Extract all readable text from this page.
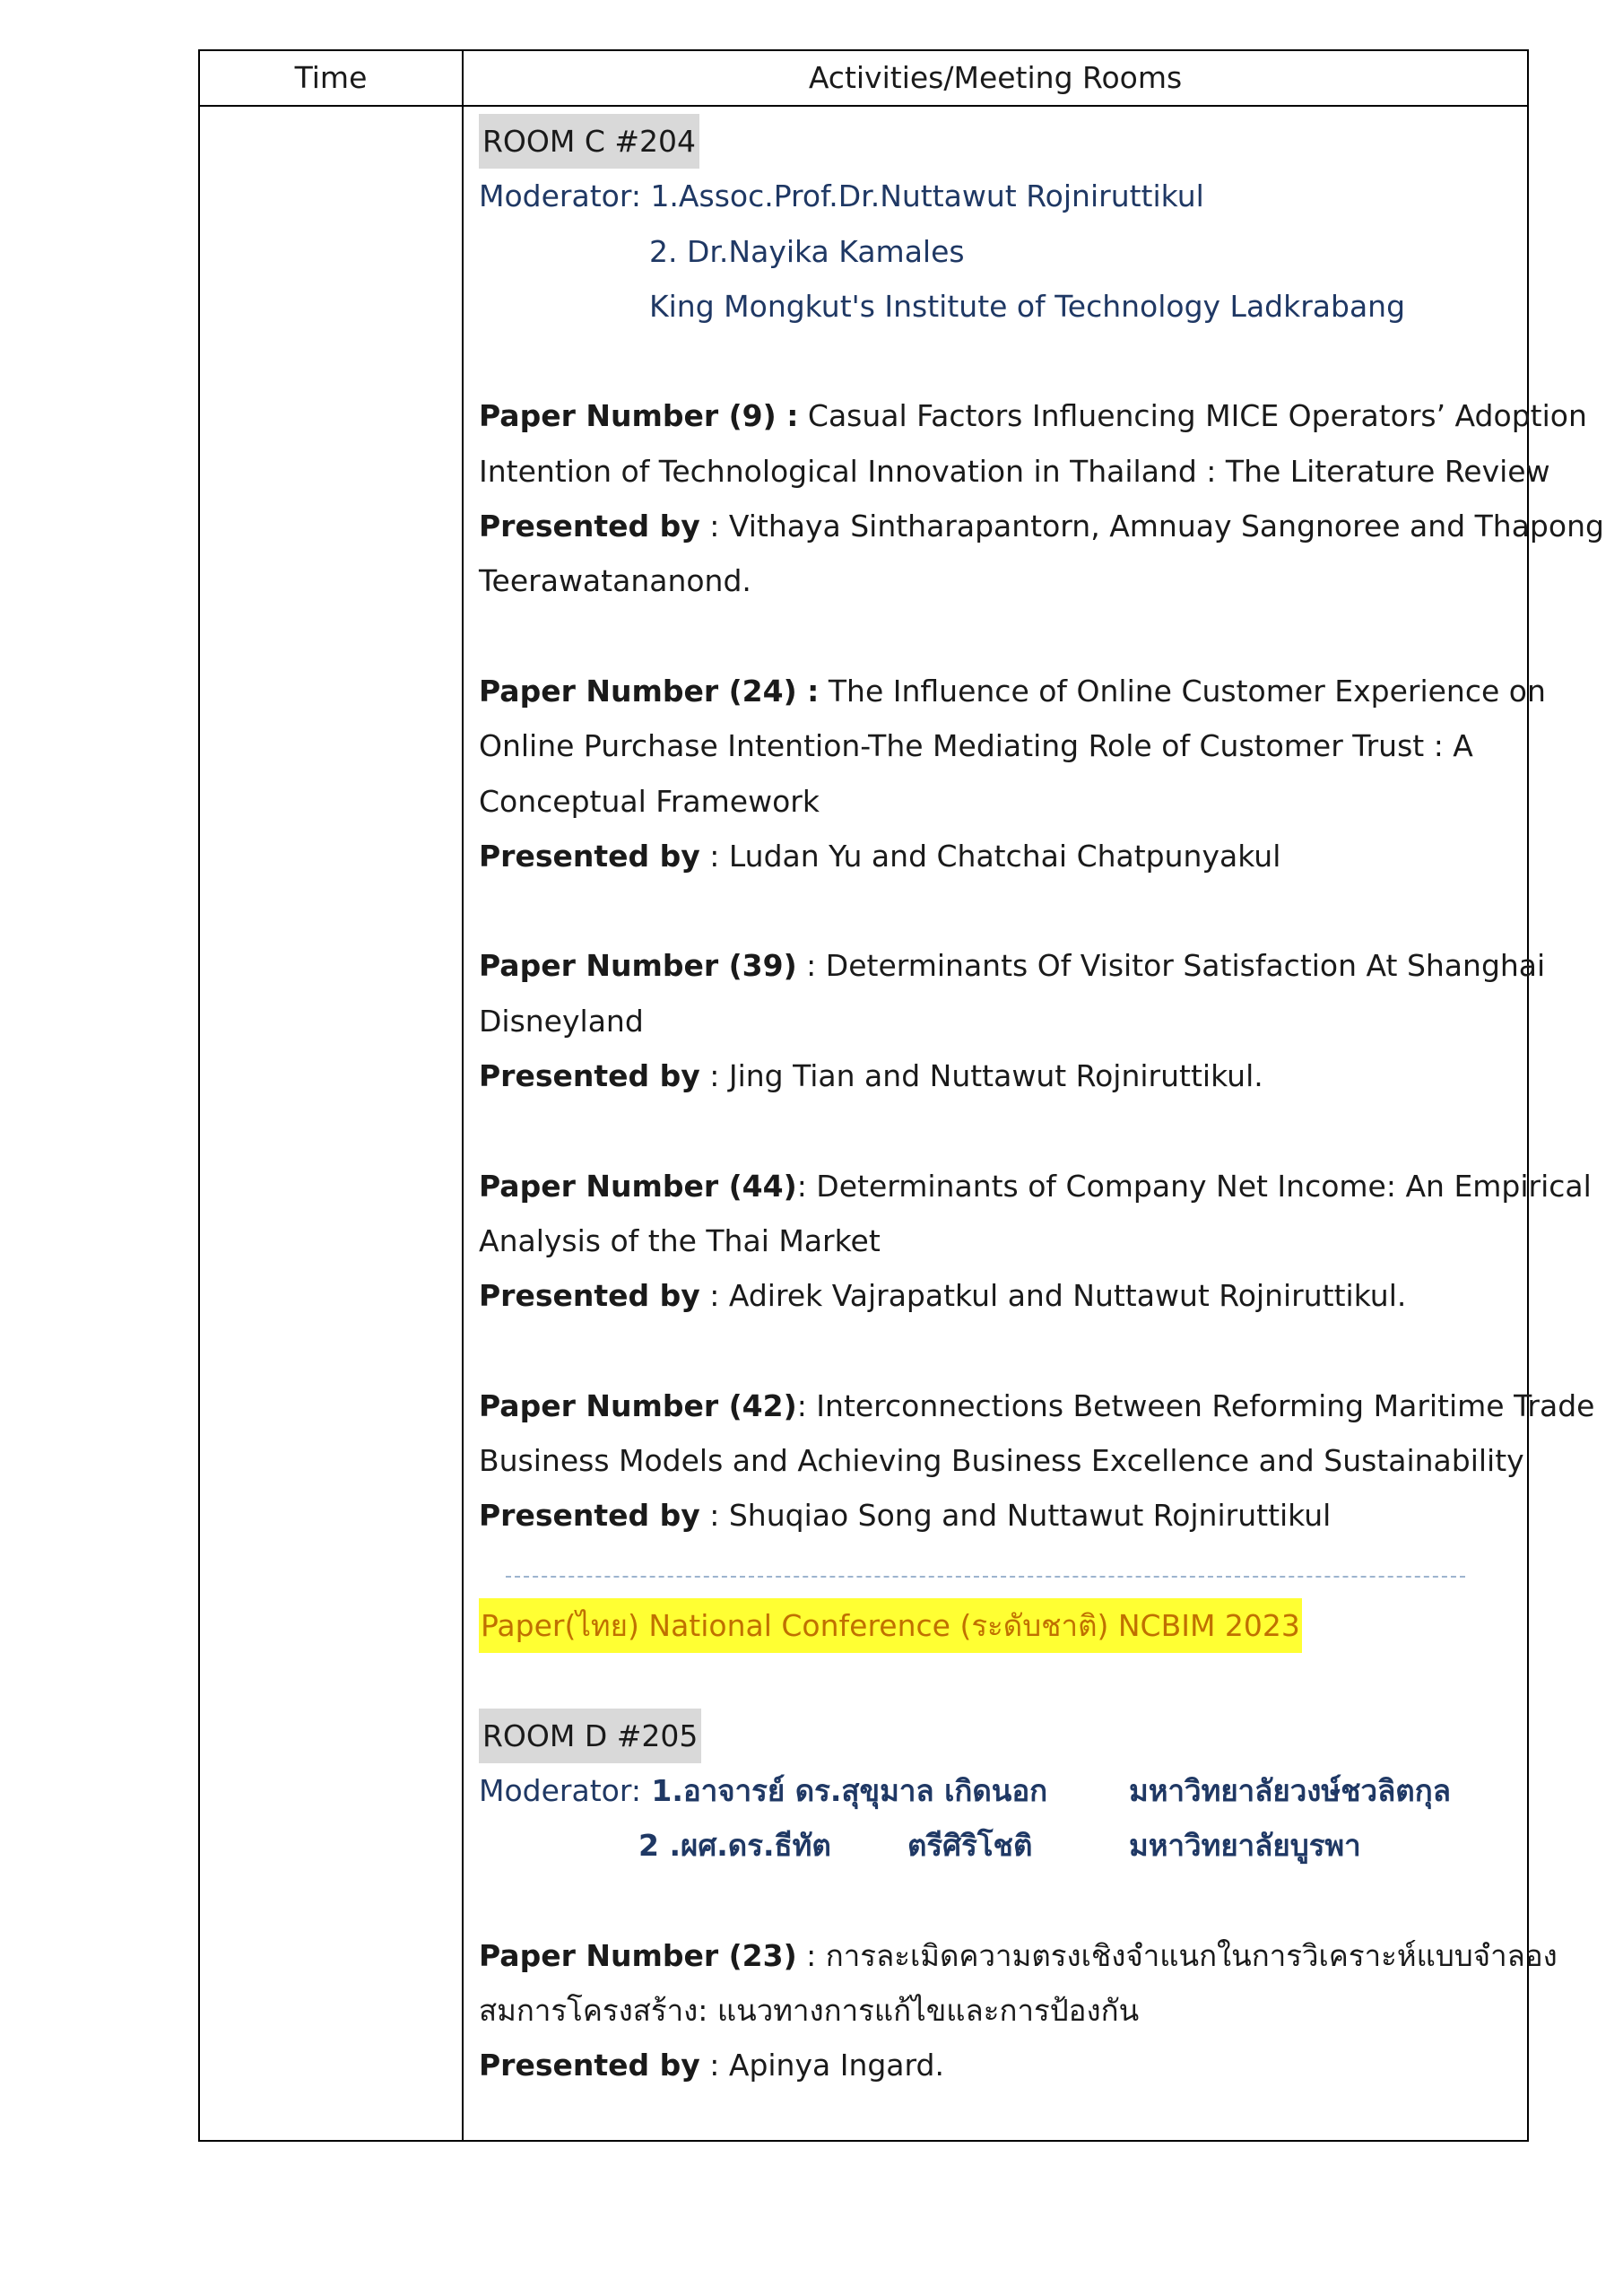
Time	Activities/Meeting Rooms
ROOM C #204
Moderator: 1.Assoc.Prof.Dr.Nuttawut Rojniruttikul
2. Dr.Nayika Kamales
King Mongkut's Institute of Technology Ladkrabang
Paper Number (9) : Casual Factors Influencing MICE Operators’ Adoption
Intention of Technological Innovation in Thailand : The Literature Review
Presented by : Vithaya Sintharapantorn, Amnuay Sangnoree and Thapong
Teerawatananond.
Paper Number (24) : The Influence of Online Customer Experience on
Online Purchase Intention-The Mediating Role of Customer Trust : A
Conceptual Framework
Presented by : Ludan Yu and Chatchai Chatpunyakul
Paper Number (39) : Determinants Of Visitor Satisfaction At Shanghai
Disneyland
Presented by : Jing Tian and Nuttawut Rojniruttikul.
Paper Number (44): Determinants of Company Net Income: An Empirical
Analysis of the Thai Market
Presented by : Adirek Vajrapatkul and Nuttawut Rojniruttikul.
Paper Number (42): Interconnections Between Reforming Maritime Trade
Business Models and Achieving Business Excellence and Sustainability
Presented by : Shuqiao Song and Nuttawut Rojniruttikul
Paper(ไทย) National Conference (ระดับชาติ) NCBIM 2023
ROOM D #205
Moderator: 1.อาจารย์ ดร.สุขุมาล เกิดนอก	มหาวิทยาลัยวงษ์ชวลิตกุล
2 .ผศ.ดร.ธีทัต	ตรีศิริโชติ	มหาวิทยาลัยบูรพา
Paper Number (23) : การละเมิดความตรงเชิงจำแนกในการวิเคราะห์แบบจำลอง
สมการโครงสร้าง: แนวทางการแก้ไขและการป้องกัน
Presented by : Apinya Ingard.
